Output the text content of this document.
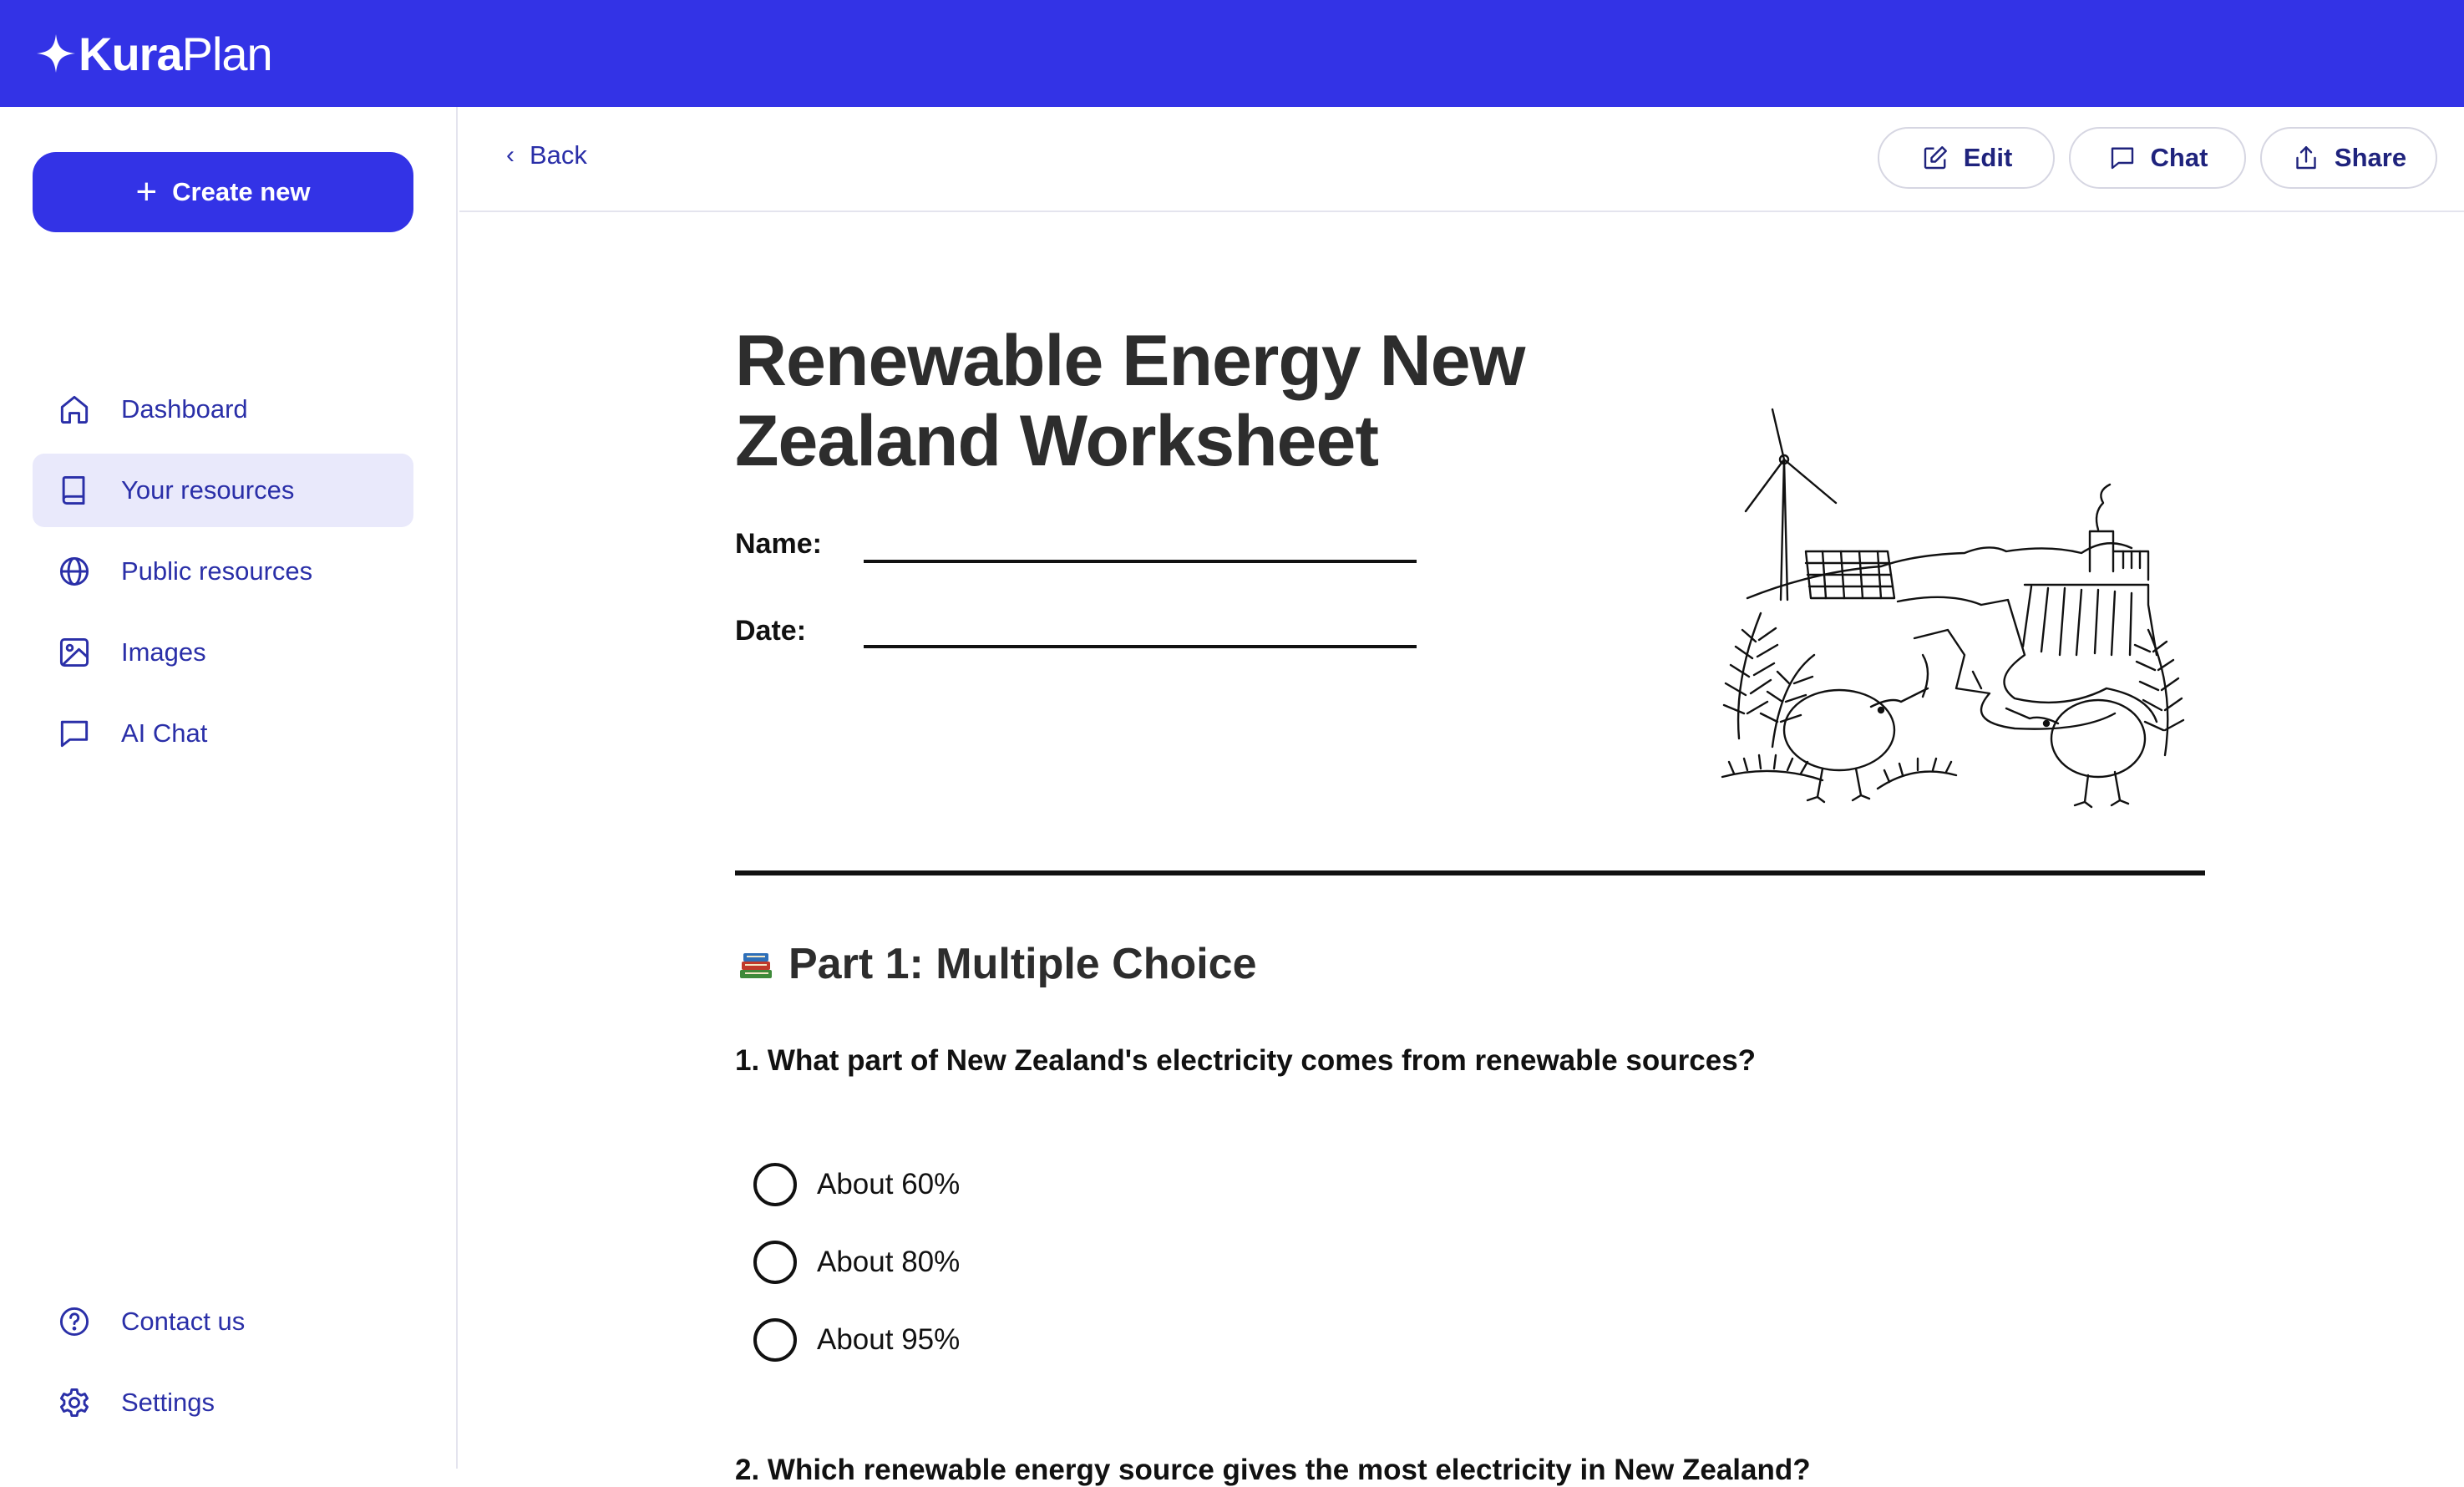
Kura Plan
+ Create new
Dashboard
Your resources
Public resources
Images
AI Chat
Contact us
Settings
‹ Back	Edit	Chat	Share
Renewable Energy New
Zealand Worksheet
Name:
Date:
Part 1: Multiple Choice
1. What part of New Zealand's electricity comes from renewable sources?
About 60%
About 80%
About 95%
2. Which renewable energy source gives the most electricity in New Zealand?
